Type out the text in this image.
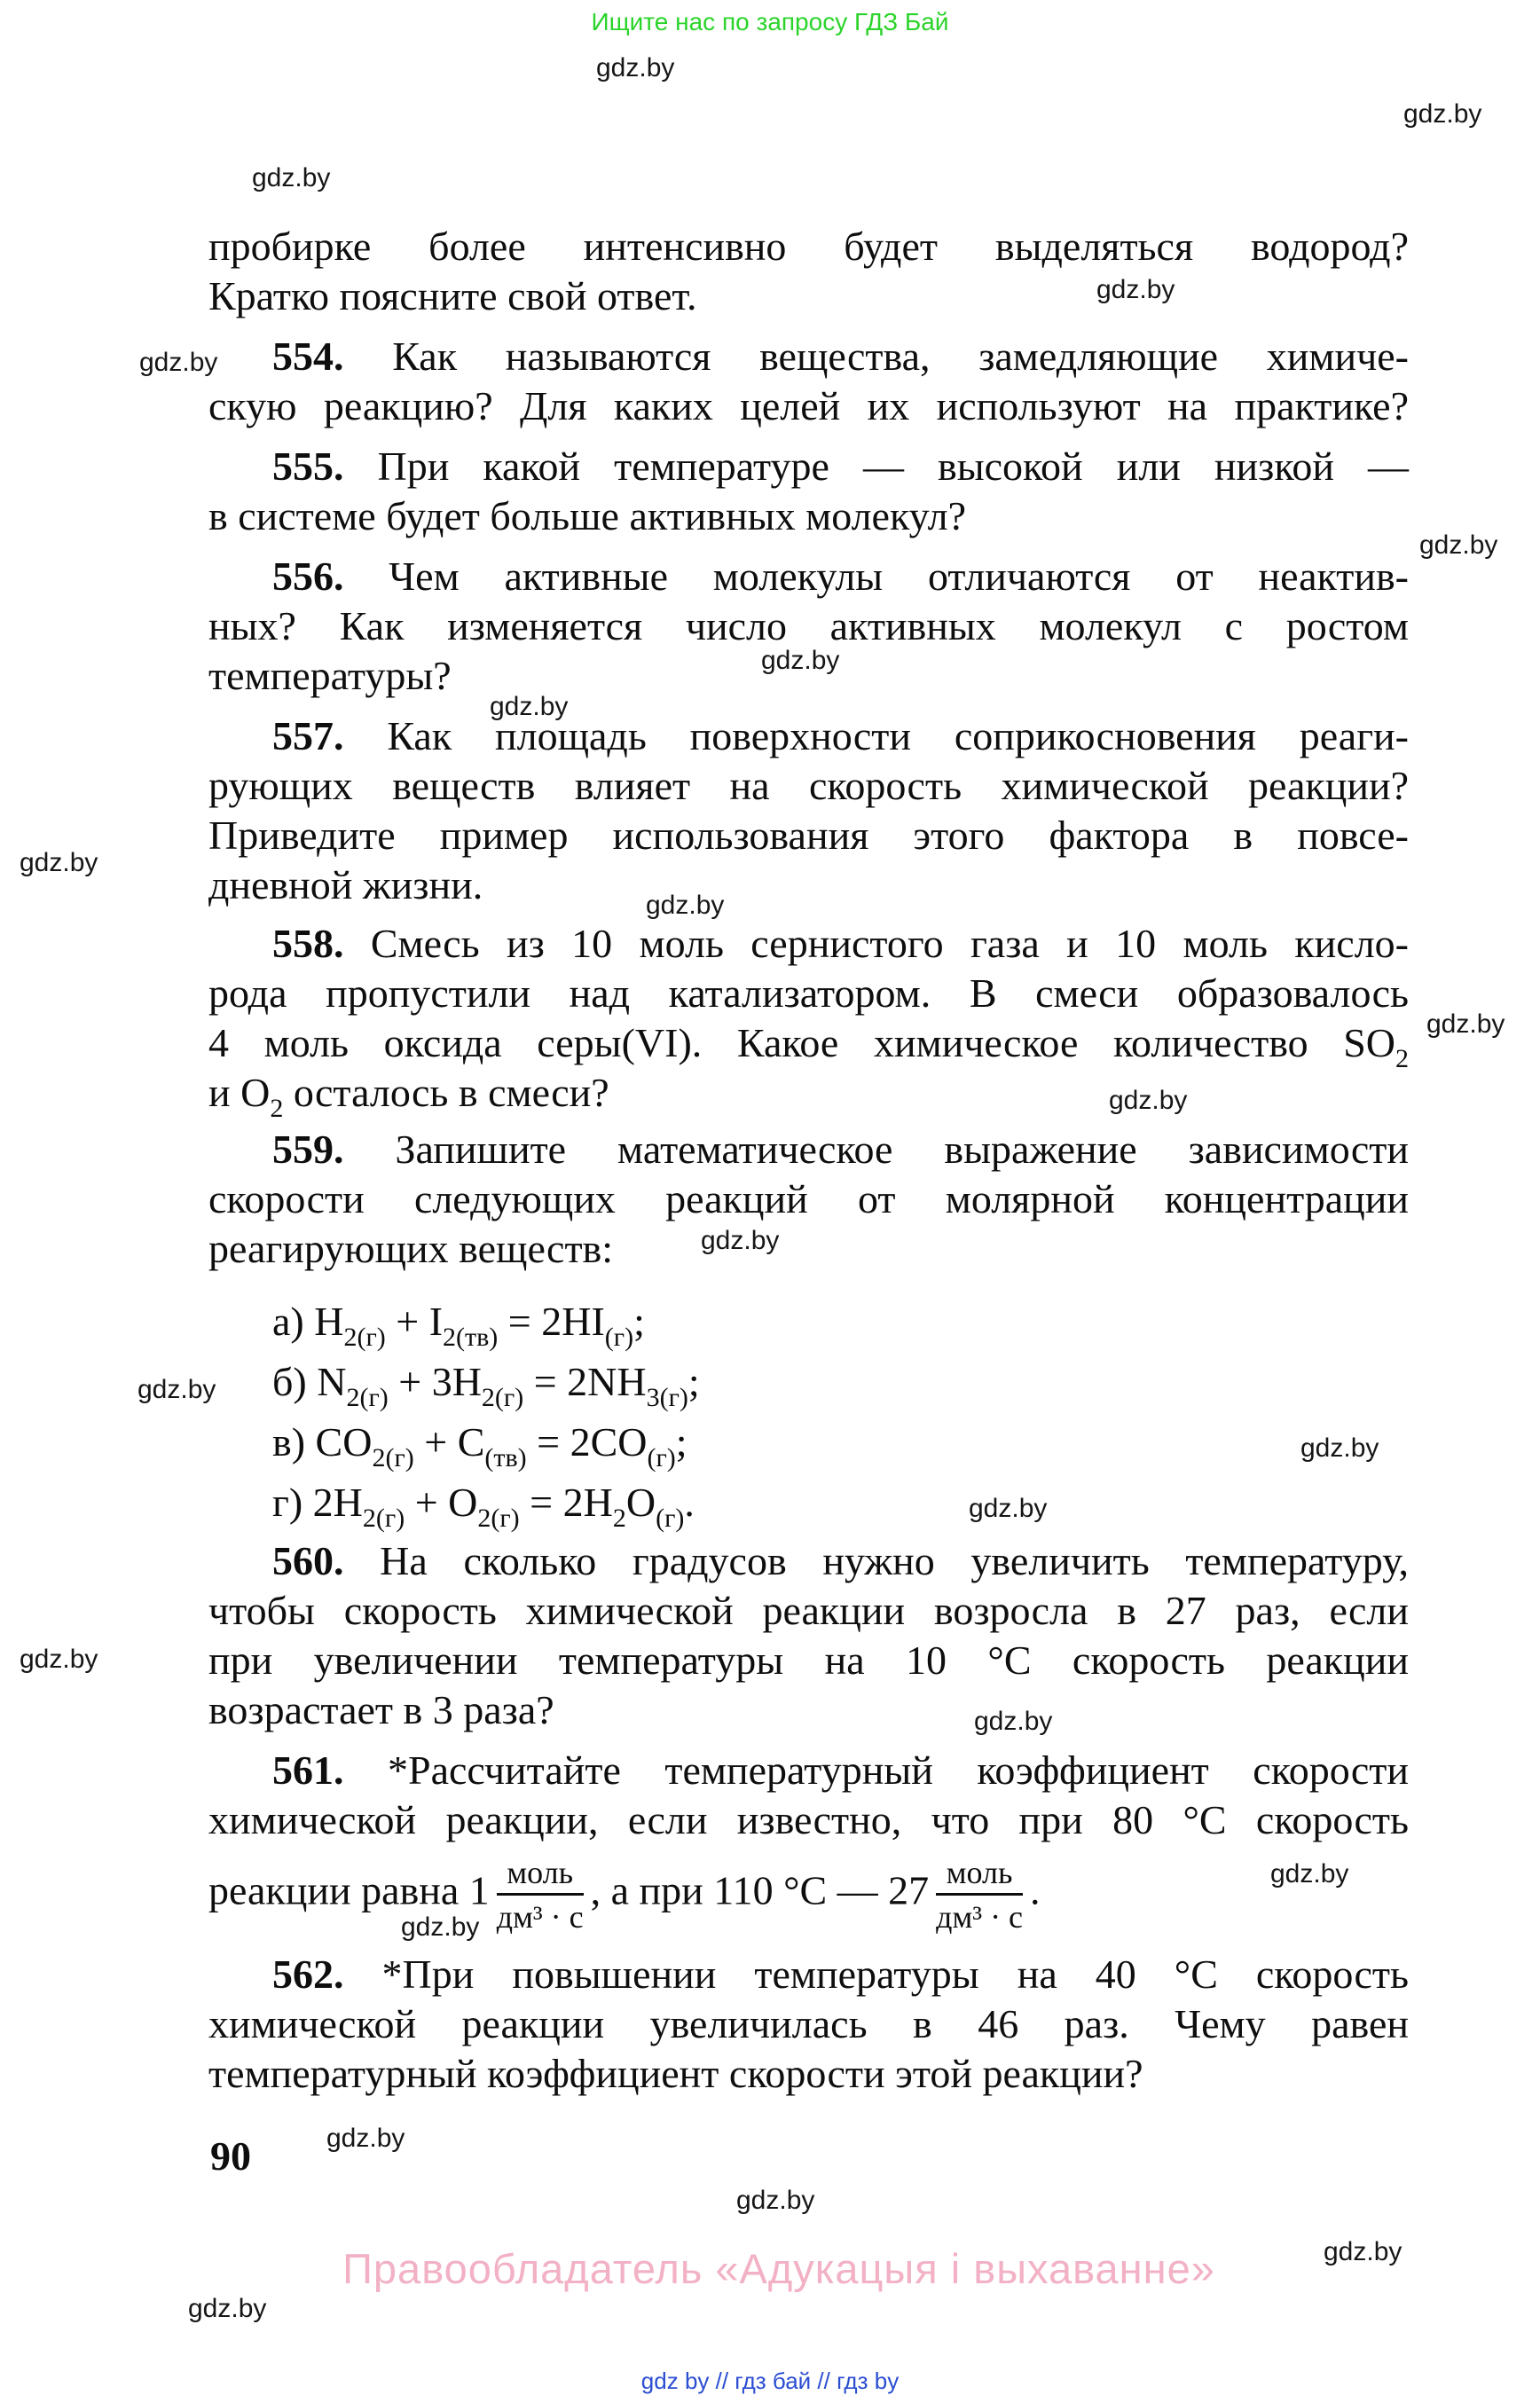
Ищите нас по запросу ГДЗ Бай

пробирке более интенсивно будет выделяться водород?
Кратко поясните свой ответ.

554. Как называются вещества, замедляющие химиче-
скую реакцию? Для каких целей их используют на практике?

555. При какой температуре — высокой или низкой —
в системе будет больше активных молекул?

556. Чем активные молекулы отличаются от неактив-
ных? Как изменяется число активных молекул с ростом
температуры?

557. Как площадь поверхности соприкосновения реаги-
рующих веществ влияет на скорость химической реакции?
Приведите пример использования этого фактора в повсе-
дневной жизни.

558. Смесь из 10 моль сернистого газа и 10 моль кисло-
рода пропустили над катализатором. В смеси образовалось
4 моль оксида серы(VI). Какое химическое количество $SO_2$
и $O_2$ осталось в смеси?

559. Запишите математическое выражение зависимости
скорости следующих реакций от молярной концентрации
реагирующих веществ:

а) $H_{2(г)} + I_{2(тв)} = 2HI_{(г)}$;
б) $N_{2(г)} + 3H_{2(г)} = 2NH_{3(г)}$;
в) $CO_{2(г)} + C_{(тв)} = 2CO_{(г)}$;
г) $2H_{2(г)} + O_{2(г)} = 2H_2O_{(г)}$.

560. На сколько градусов нужно увеличить температуру,
чтобы скорость химической реакции возросла в 27 раз, если
при увеличении температуры на 10 °С скорость реакции
возрастает в 3 раза?

561. *Рассчитайте температурный коэффициент скорости
химической реакции, если известно, что при 80 °С скорость
реакции равна $1 \frac{\text{моль}}{\text{дм³ · с}}$ , а при 110 °С — $27 \frac{\text{моль}}{\text{дм³ · с}}$ .

562. *При повышении температуры на 40 °С скорость
химической реакции увеличилась в 46 раз. Чему равен
температурный коэффициент скорости этой реакции?

gdz.by
gdz.by
gdz.by
gdz.by
gdz.by
gdz.by
gdz.by
gdz.by
gdz.by
gdz.by
gdz.by
gdz.by
gdz.by
gdz.by
gdz.by
gdz.by
gdz.by
gdz.by
gdz.by
gdz.by
gdz.by
gdz.by
gdz.by
gdz.by
90
Правообладатель «Адукацыя і выхаванне»
gdz by // гдз бай // гдз by
